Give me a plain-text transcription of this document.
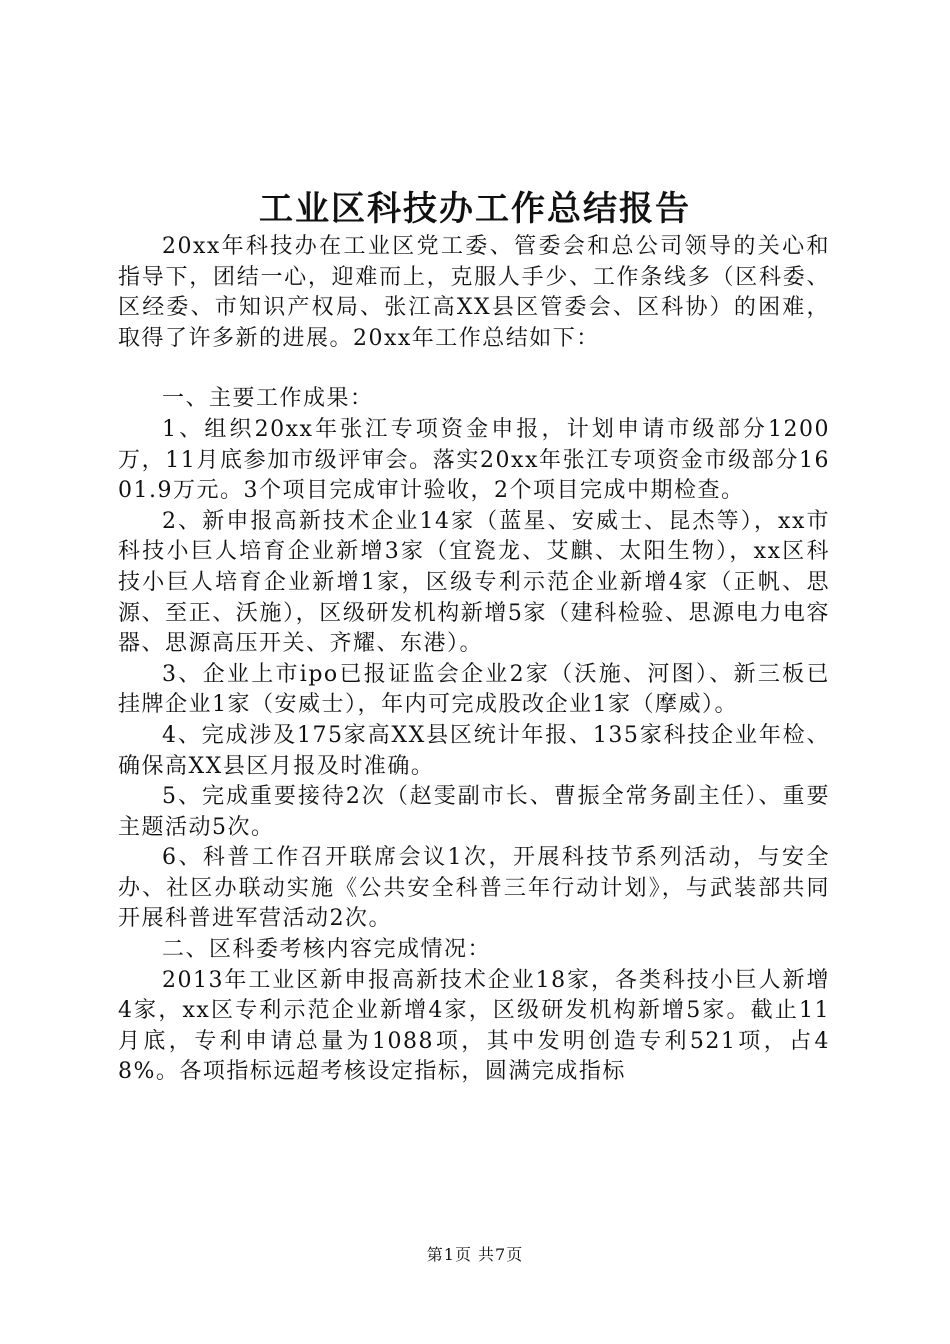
工业区科技办工作总结报告

20xx年科技办在工业区党工委、管委会和总公司领导的关心和指导下，团结一心，迎难而上，克服人手少、工作条线多（区科委、区经委、市知识产权局、张江高XX县区管委会、区科协）的困难，取得了许多新的进展。20xx年工作总结如下：

一、主要工作成果：

1、组织20xx年张江专项资金申报，计划申请市级部分1200万，11月底参加市级评审会。落实20xx年张江专项资金市级部分1601.9万元。3个项目完成审计验收，2个项目完成中期检查。

2、新申报高新技术企业14家（蓝星、安威士、昆杰等），xx市科技小巨人培育企业新增3家（宜瓷龙、艾麒、太阳生物），xx区科技小巨人培育企业新增1家，区级专利示范企业新增4家（正帆、思源、至正、沃施），区级研发机构新增5家（建科检验、思源电力电容器、思源高压开关、齐耀、东港）。

3、企业上市ipo已报证监会企业2家（沃施、河图）、新三板已挂牌企业1家（安威士），年内可完成股改企业1家（摩威）。

4、完成涉及175家高XX县区统计年报、135家科技企业年检、确保高XX县区月报及时准确。

5、完成重要接待2次（赵雯副市长、曹振全常务副主任）、重要主题活动5次。

6、科普工作召开联席会议1次，开展科技节系列活动，与安全办、社区办联动实施《公共安全科普三年行动计划》，与武装部共同开展科普进军营活动2次。

二、区科委考核内容完成情况：

2013年工业区新申报高新技术企业18家，各类科技小巨人新增4家，xx区专利示范企业新增4家，区级研发机构新增5家。截止11月底，专利申请总量为1088项，其中发明创造专利521项，占48%。各项指标远超考核设定指标，圆满完成指标

第1页 共7页
